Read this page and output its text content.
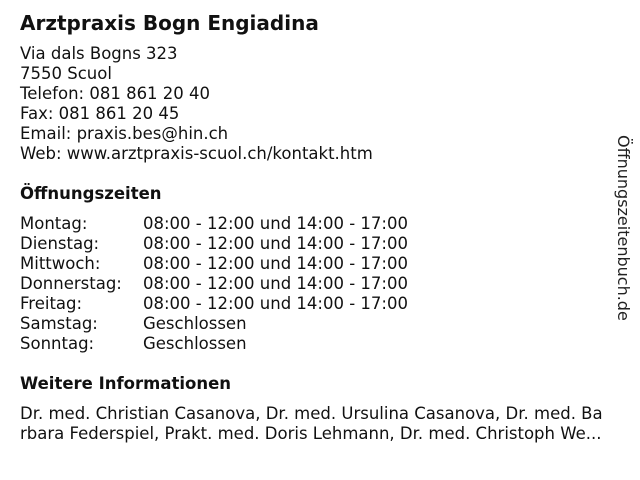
Arztpraxis Bogn Engiadina
Via dals Bogns 323
7550 Scuol
Telefon: 081 861 20 40
Fax: 081 861 20 45
Email: praxis.bes@hin.ch
Web: www.arztpraxis-scuol.ch/kontakt.htm
Öffnungszeiten
Montag:	08:00 - 12:00 und 14:00 - 17:00
Dienstag:	08:00 - 12:00 und 14:00 - 17:00
Mittwoch:	08:00 - 12:00 und 14:00 - 17:00
Donnerstag: 08:00 - 12:00 und 14:00 - 17:00
Freitag:	08:00 - 12:00 und 14:00 - 17:00
Samstag:	Geschlossen
Sonntag:	Geschlossen
Weitere Informationen
Dr. med. Christian Casanova, Dr. med. Ursulina Casanova, Dr. med. Ba
rbara Federspiel, Prakt. med. Doris Lehmann, Dr. med. Christoph We...
Öffnungszeitenbuch.de
